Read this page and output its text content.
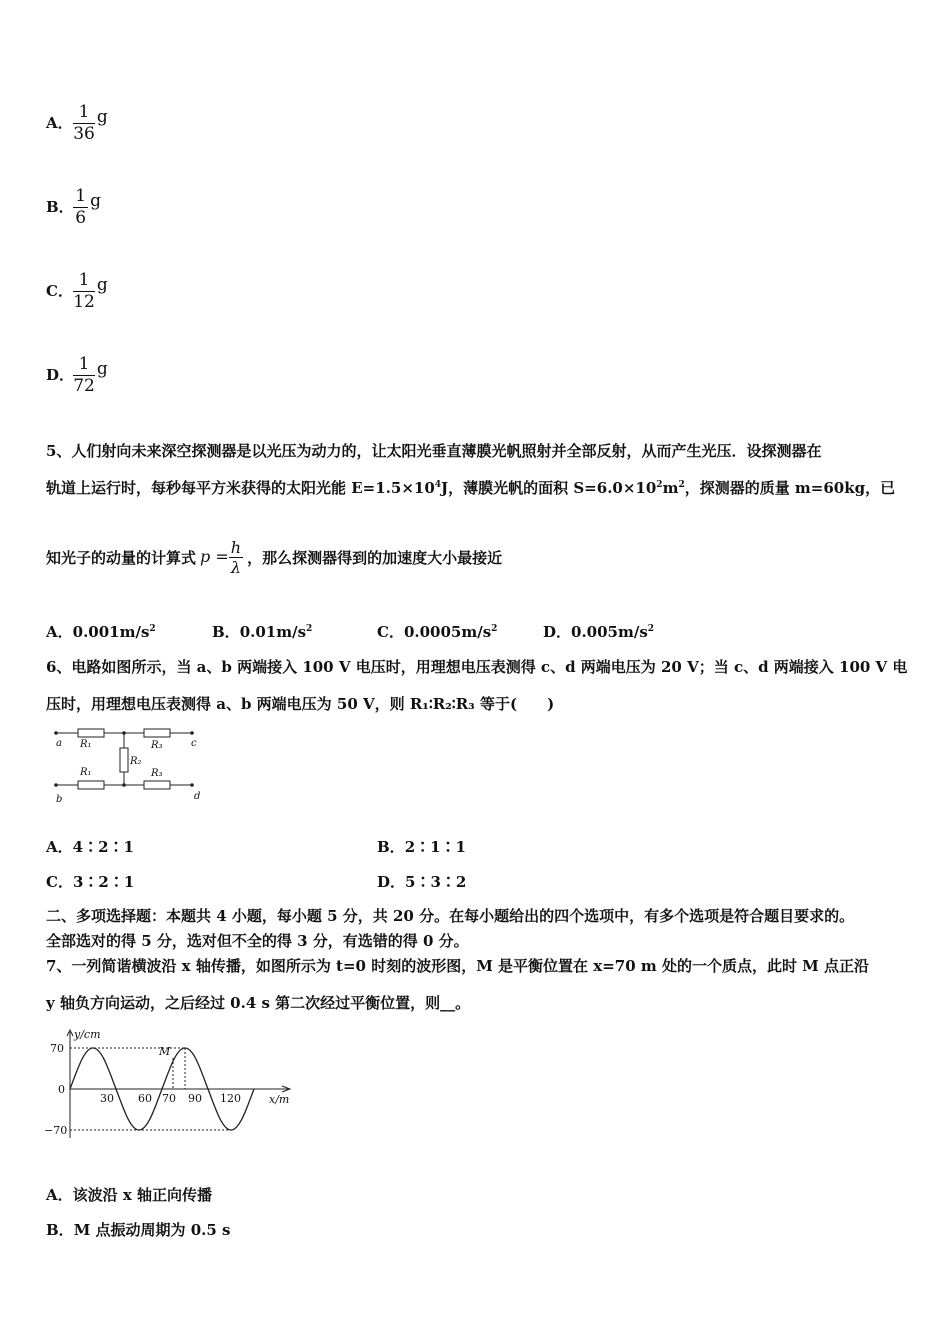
A． $\frac{1}{36}$ g
B． $\frac{1}{6}$ g
C． $\frac{1}{12}$ g
D． $\frac{1}{72}$ g
5、人们射向未来深空探测器是以光压为动力的，让太阳光垂直薄膜光帆照射并全部反射，从而产生光压．设探测器在
轨道上运行时，每秒每平方米获得的太阳光能 $E=1.5\times 10^4J$，薄膜光帆的面积 $S=6.0\times 10^2m^2$，探测器的质量 m=60kg，已
知光子的动量的计算式 $p = \frac{h}{\lambda}$ ，那么探测器得到的加速度大小最接近
A．$0.001m/s^2$	B．$0.01m/s^2$	C．$0.0005m/s^2$	D．$0.005m/s^2$
6、电路如图所示，当 a、b 两端接入 100 V 电压时，用理想电压表测得 c、d 两端电压为 20 V；当 c、d 两端接入 100 V 电
压时，用理想电压表测得 a、b 两端电压为 50 V，则 R₁∶R₂∶R₃ 等于(　　)
a	c
b	d
R₁	R₃
R₁	R₃
R₂
A．4∶2∶1	B．2∶1∶1
C．3∶2∶1	D．5∶3∶2
二、多项选择题：本题共 4 小题，每小题 5 分，共 20 分。在每小题给出的四个选项中，有多个选项是符合题目要求的。
全部选对的得 5 分，选对但不全的得 3 分，有选错的得 0 分。
7、一列简谐横波沿 x 轴传播，如图所示为 t=0 时刻的波形图，M 是平衡位置在 x=70 m 处的一个质点，此时 M 点正沿
y 轴负方向运动，之后经过 0.4 s 第二次经过平衡位置，则__。
y/cm
x/m
70
0
−70
30 60 70 90 120
M
A．该波沿 x 轴正向传播
B．M 点振动周期为 0.5 s
